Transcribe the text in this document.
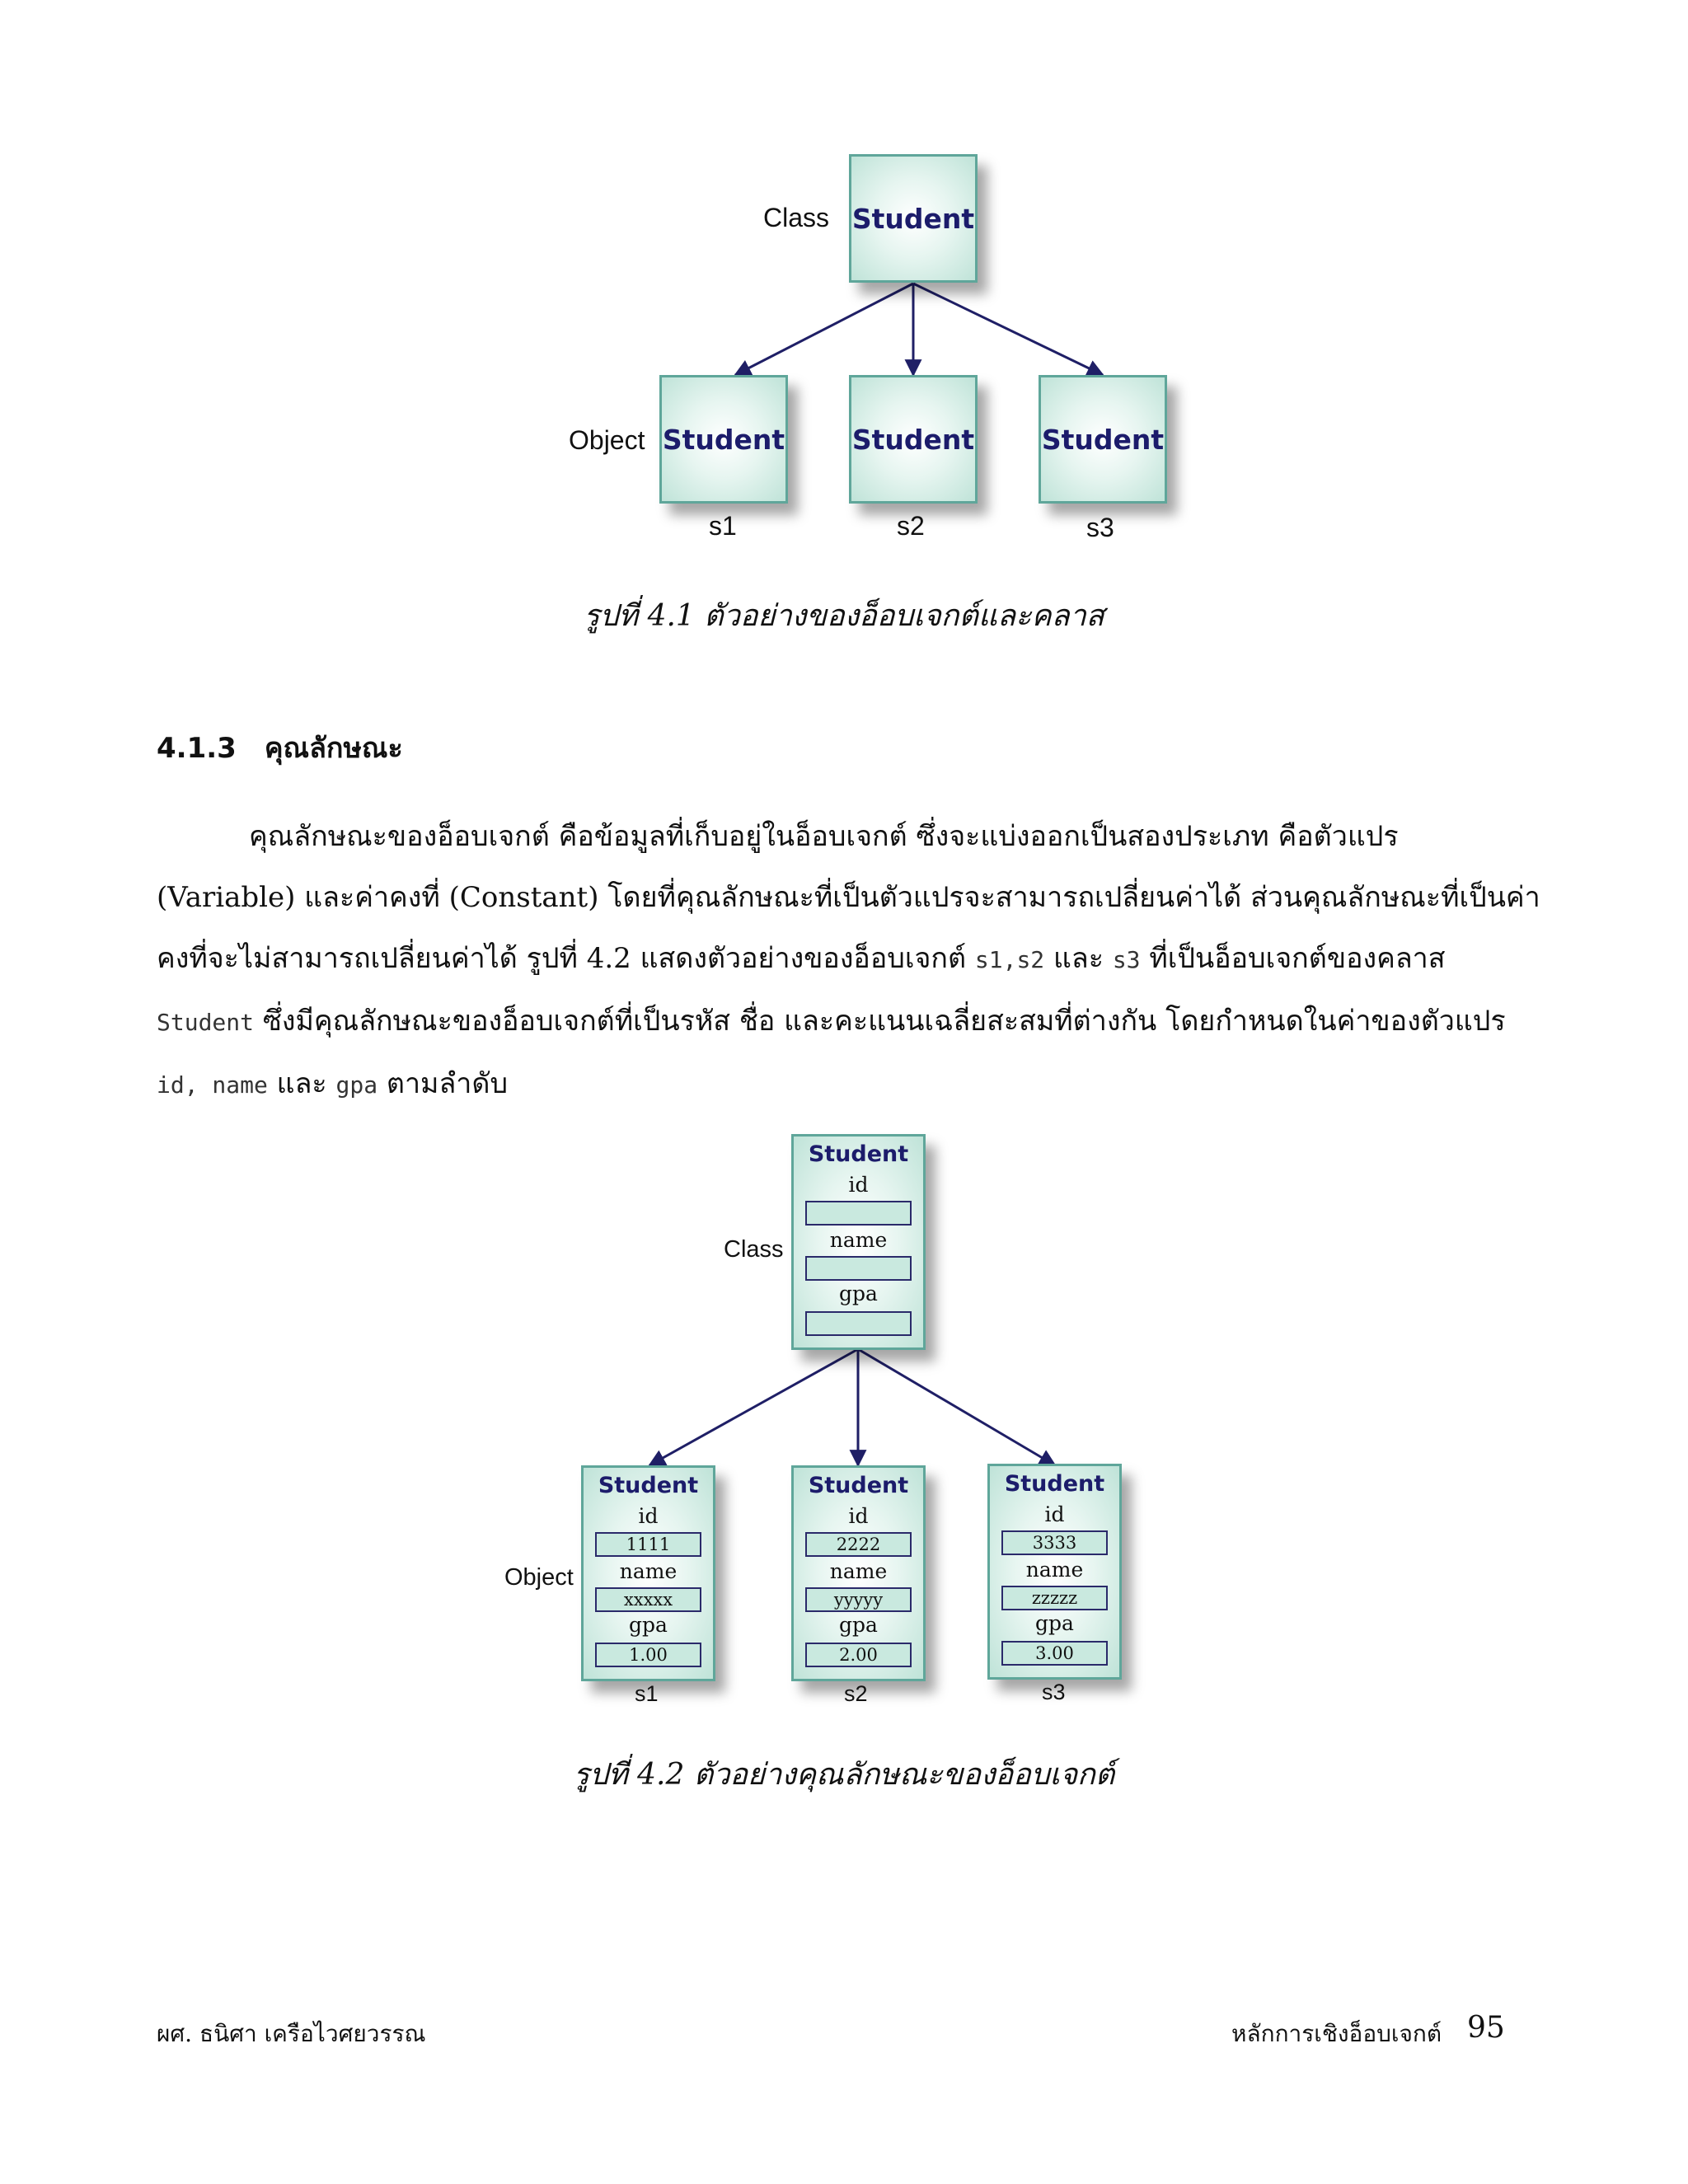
Class Student
Object Student Student Student
s1	s2	s3
รูปที่ 4.1 ตัวอย่างของอ็อบเจกต์และคลาส
4.1.3 คุณลักษณะ
คุณลักษณะของอ็อบเจกต์ คือข้อมูลที่เก็บอยู่ในอ็อบเจกต์ ซึ่งจะแบ่งออกเป็นสองประเภท คือตัวแปร
(Variable) และค่าคงที่ (Constant) โดยที่คุณลักษณะที่เป็นตัวแปรจะสามารถเปลี่ยนค่าได้ ส่วนคุณลักษณะที่เป็นค่า
คงที่จะไม่สามารถเปลี่ยนค่าได้ รูปที่ 4.2 แสดงตัวอย่างของอ็อบเจกต์ s1,s2 และ s3 ที่เป็นอ็อบเจกต์ของคลาส
Student ซึ่งมีคุณลักษณะของอ็อบเจกต์ที่เป็นรหัส ชื่อ และคะแนนเฉลี่ยสะสมที่ต่างกัน โดยกำหนดในค่าของตัวแปร
id, name และ gpa ตามลำดับ
Class
Student
id
name
gpa
Object
Student
id
1111
name
xxxxx
gpa
1.00
Student
id
2222
name
yyyyy
gpa
2.00
Student
id
3333
name
zzzzz
gpa
3.00
s1	s2	s3
รูปที่ 4.2 ตัวอย่างคุณลักษณะของอ็อบเจกต์
ผศ. ธนิศา เครือไวศยวรรณ	หลักการเชิงอ็อบเจกต์ 95
